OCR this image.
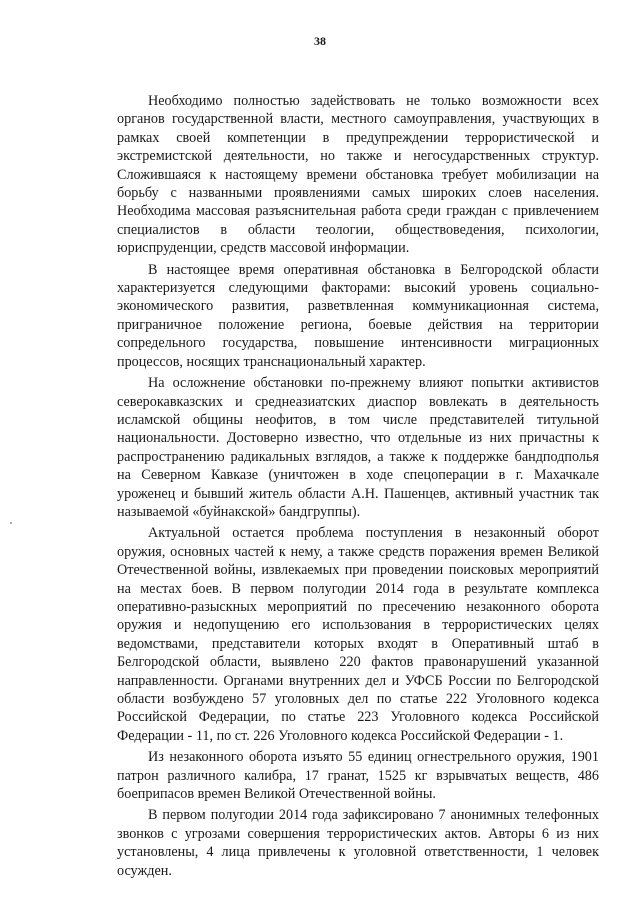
38

Необходимо полностью задействовать не только возможности всех органов государственной власти, местного самоуправления, участвующих в рамках своей компетенции в предупреждении террористической и экстремистской деятельности, но также и негосударственных структур. Сложившаяся к настоящему времени обстановка требует мобилизации на борьбу с названными проявлениями самых широких слоев населения. Необходима массовая разъяснительная работа среди граждан с привлечением специалистов в области теологии, обществоведения, психологии, юриспруденции, средств массовой информации.

В настоящее время оперативная обстановка в Белгородской области характеризуется следующими факторами: высокий уровень социально-экономического развития, разветвленная коммуникационная система, приграничное положение региона, боевые действия на территории сопредельного государства, повышение интенсивности миграционных процессов, носящих транснациональный характер.

На осложнение обстановки по-прежнему влияют попытки активистов северокавказских и среднеазиатских диаспор вовлекать в деятельность исламской общины неофитов, в том числе представителей титульной национальности. Достоверно известно, что отдельные из них причастны к распространению радикальных взглядов, а также к поддержке бандподполья на Северном Кавказе (уничтожен в ходе спецоперации в г. Махачкале уроженец и бывший житель области А.Н. Пашенцев, активный участник так называемой «буйнакской» бандгруппы).

Актуальной остается проблема поступления в незаконный оборот оружия, основных частей к нему, а также средств поражения времен Великой Отечественной войны, извлекаемых при проведении поисковых мероприятий на местах боев. В первом полугодии 2014 года в результате комплекса оперативно-разыскных мероприятий по пресечению незаконного оборота оружия и недопущению его использования в террористических целях ведомствами, представители которых входят в Оперативный штаб в Белгородской области, выявлено 220 фактов правонарушений указанной направленности. Органами внутренних дел и УФСБ России по Белгородской области возбуждено 57 уголовных дел по статье 222 Уголовного кодекса Российской Федерации, по статье 223 Уголовного кодекса Российской Федерации - 11, по ст. 226 Уголовного кодекса Российской Федерации - 1.

Из незаконного оборота изъято 55 единиц огнестрельного оружия, 1901 патрон различного калибра, 17 гранат, 1525 кг взрывчатых веществ, 486 боеприпасов времен Великой Отечественной войны.

В первом полугодии 2014 года зафиксировано 7 анонимных телефонных звонков с угрозами совершения террористических актов. Авторы 6 из них установлены, 4 лица привлечены к уголовной ответственности, 1 человек осужден.
